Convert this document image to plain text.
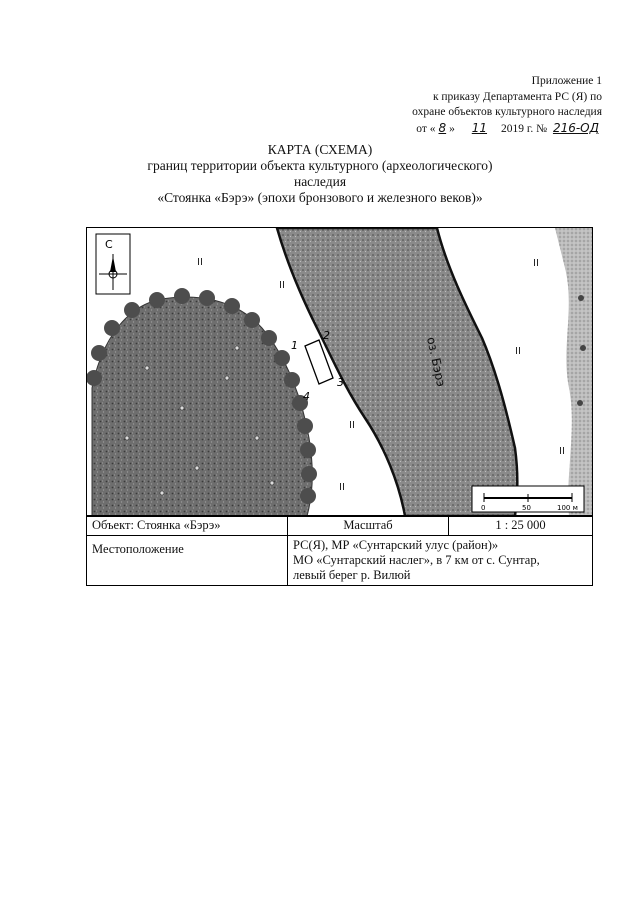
Приложение 1
к приказу Департамента РС (Я) по
охране объектов культурного наследия
от « 8 » 11 2019 г. № 216-ОД
КАРТА (СХЕМА)
границ территории объекта культурного (археологического)
наследия
«Стоянка «Бэрэ» (эпохи бронзового и железного веков)»
II
II
II
II
II
II
II
оз. Бэрэ
С
1
2
3
4
0	50	100 м
Объект: Стоянка «Бэрэ»	Масштаб	1 : 25 000
Местоположение	РС(Я), МР «Сунтарский улус (район)»
МО «Сунтарский наслег», в 7 км от с. Сунтар,
левый берег р. Вилюй	
